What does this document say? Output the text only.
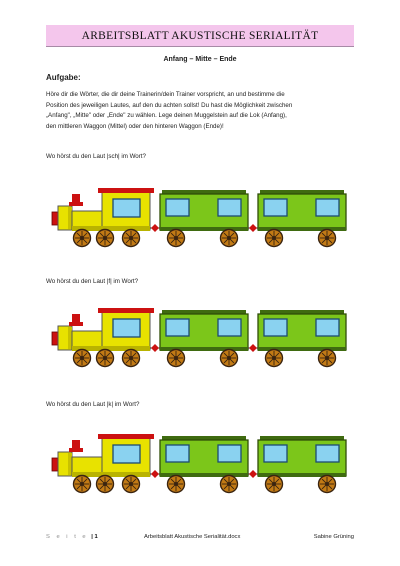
ARBEITSBLATT AKUSTISCHE SERIALITÄT
Anfang – Mitte – Ende
Aufgabe:

Höre dir die Wörter, die dir deine Trainerin/dein Trainer vorspricht, an und bestimme die
Position des jeweiligen Lautes, auf den du achten sollst! Du hast die Möglichkeit zwischen
„Anfang", „Mitte" oder „Ende" zu wählen. Lege deinen Muggelstein auf die Lok (Anfang),
den mittleren Waggon (Mittel) oder den hinteren Waggon (Ende)!

Wo hörst du den Laut |sch| im Wort?
Wo hörst du den Laut |f| im Wort?
Wo hörst du den Laut |k| im Wort?
S e i t e | 1	Arbeitsblatt Akustische Serialität.docx	Sabine Grüning
